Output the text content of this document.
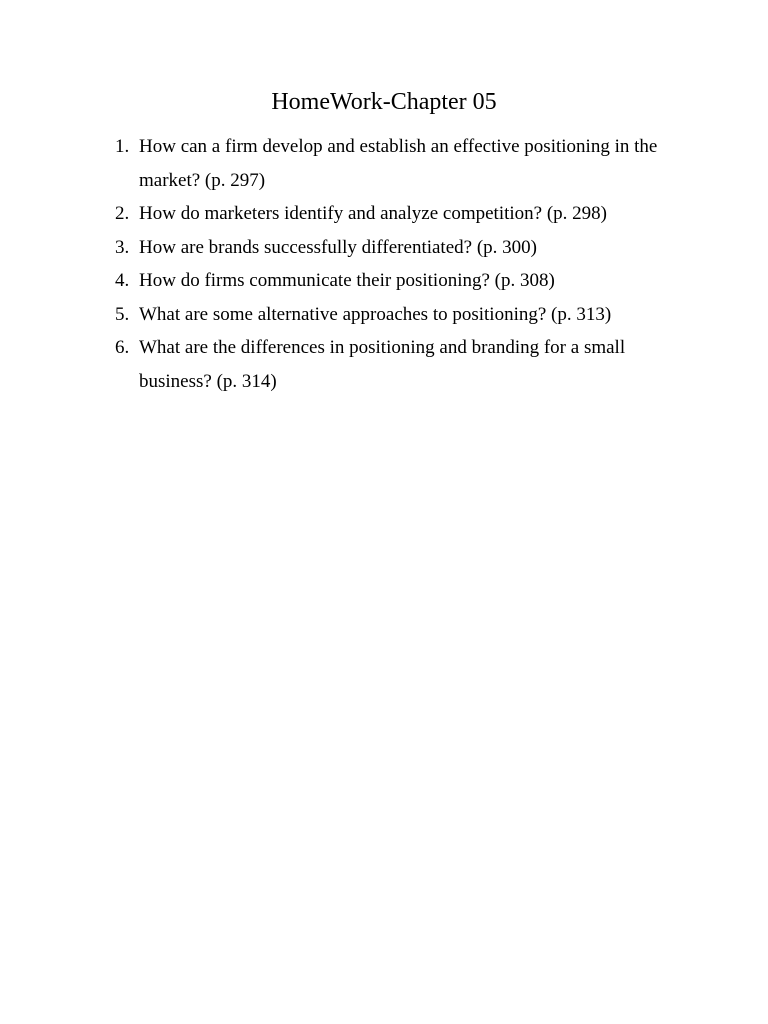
HomeWork-Chapter 05
1. How can a firm develop and establish an effective positioning in the market? (p. 297)
2. How do marketers identify and analyze competition? (p. 298)
3. How are brands successfully differentiated? (p. 300)
4. How do firms communicate their positioning? (p. 308)
5. What are some alternative approaches to positioning? (p. 313)
6. What are the differences in positioning and branding for a small business? (p. 314)
